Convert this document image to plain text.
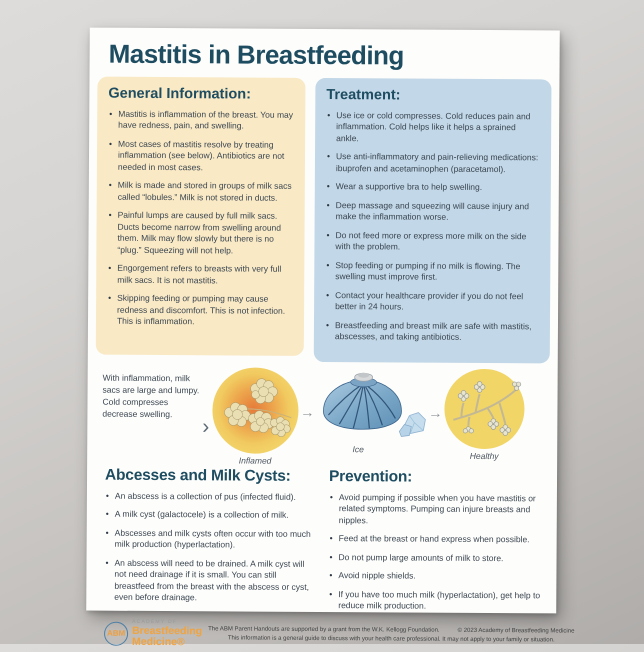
Mastitis in Breastfeeding
General Information:
• Mastitis is inflammation of the breast. You may have redness, pain, and swelling.
• Most cases of mastitis resolve by treating inflammation (see below). Antibiotics are not needed in most cases.
• Milk is made and stored in groups of milk sacs called “lobules.” Milk is not stored in ducts.
• Painful lumps are caused by full milk sacs. Ducts become narrow from swelling around them. Milk may flow slowly but there is no “plug.” Squeezing will not help.
• Engorgement refers to breasts with very full milk sacs. It is not mastitis.
• Skipping feeding or pumping may cause redness and discomfort. This is not infection. This is inflammation.
Treatment:
• Use ice or cold compresses. Cold reduces pain and inflammation. Cold helps like it helps a sprained ankle.
• Use anti-inflammatory and pain-relieving medications: ibuprofen and acetaminophen (paracetamol).
• Wear a supportive bra to help swelling.
• Deep massage and squeezing will cause injury and make the inflammation worse.
• Do not feed more or express more milk on the side with the problem.
• Stop feeding or pumping if no milk is flowing. The swelling must improve first.
• Contact your healthcare provider if you do not feel better in 24 hours.
• Breastfeeding and breast milk are safe with mastitis, abscesses, and taking antibiotics.
With inflammation, milk sacs are large and lumpy. Cold compresses decrease swelling.
›
Inflamed
→
Ice
→
Healthy
Abcesses and Milk Cysts:
• An abscess is a collection of pus (infected fluid).
• A milk cyst (galactocele) is a collection of milk.
• Abscesses and milk cysts often occur with too much milk production (hyperlactation).
• An abscess will need to be drained. A milk cyst will not need drainage if it is small. You can still breastfeed from the breast with the abscess or cyst, even before drainage.
Prevention:
• Avoid pumping if possible when you have mastitis or related symptoms. Pumping can injure breasts and nipples.
• Feed at the breast or hand express when possible.
• Do not pump large amounts of milk to store.
• Avoid nipple shields.
• If you have too much milk (hyperlactation), get help to reduce milk production.
ABM
ACADEMY OF
Breastfeeding
Medicine®
The ABM Parent Handouts are supported by a grant from the W.K. Kellogg Foundation.	© 2023 Academy of Breastfeeding Medicine
This information is a general guide to discuss with your health care professional. It may not apply to your family or situation.
